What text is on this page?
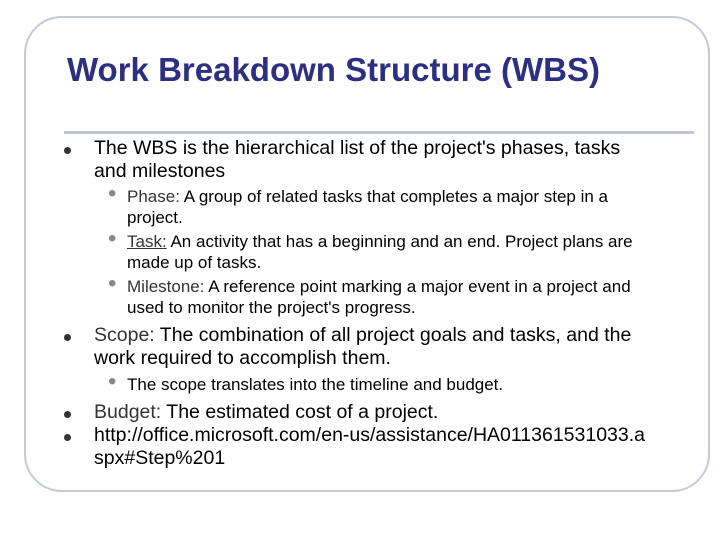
Work Breakdown Structure (WBS)
The WBS is the hierarchical list of the project's phases, tasks and milestones
• Phase: A group of related tasks that completes a major step in a project.
• Task: An activity that has a beginning and an end. Project plans are made up of tasks.
• Milestone: A reference point marking a major event in a project and used to monitor the project's progress.
Scope: The combination of all project goals and tasks, and the work required to accomplish them.
• The scope translates into the timeline and budget.
Budget: The estimated cost of a project.
http://office.microsoft.com/en-us/assistance/HA011361531033.aspx#Step%201
